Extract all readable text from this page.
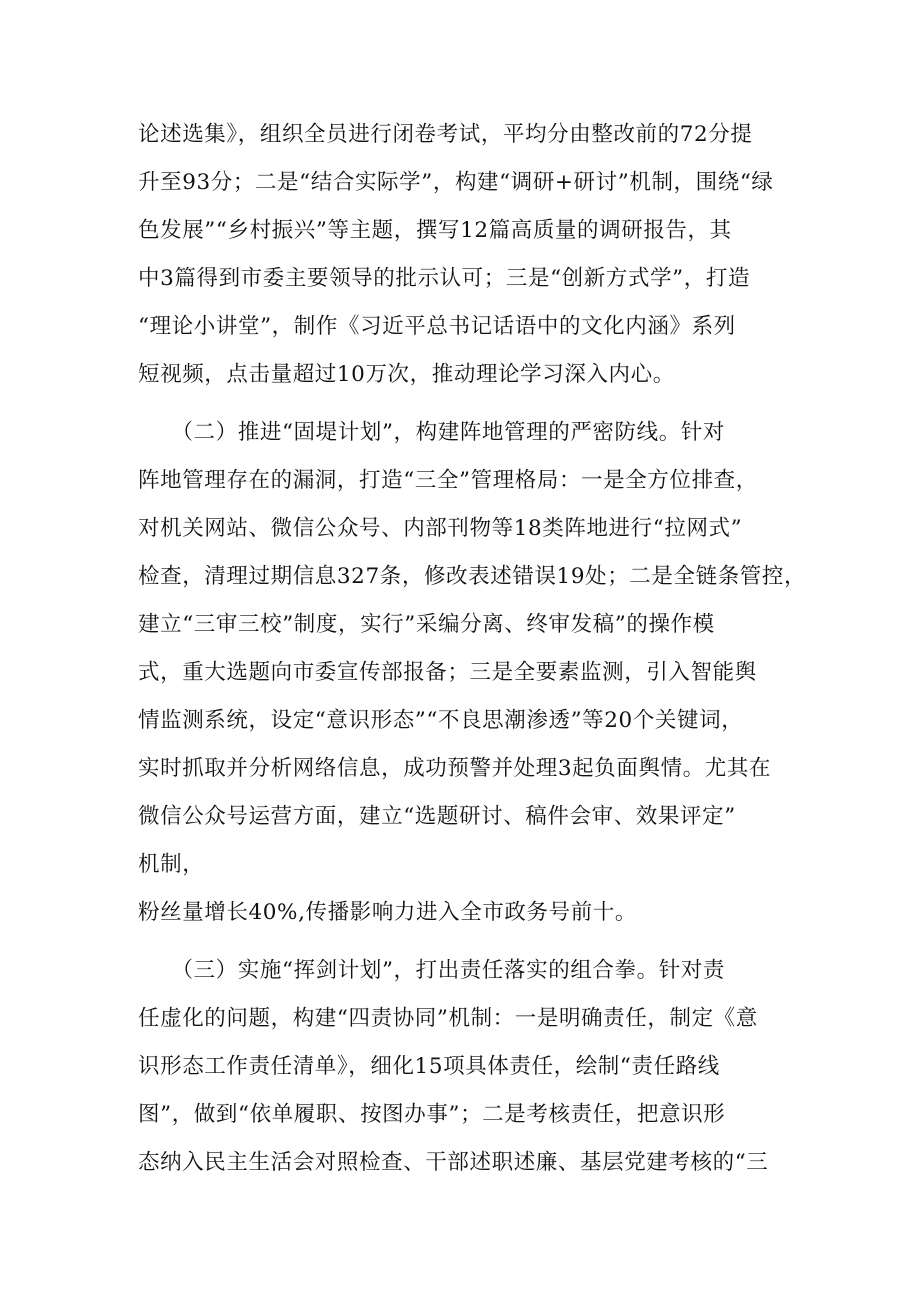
论述选集》，组织全员进行闭卷考试，平均分由整改前的72分提
升至93分；二是“结合实际学”，构建“调研+研讨”机制，围绕“绿
色发展”“乡村振兴”等主题，撰写12篇高质量的调研报告，其
中3篇得到市委主要领导的批示认可；三是“创新方式学”，打造
“理论小讲堂”，制作《习近平总书记话语中的文化内涵》系列
短视频，点击量超过10万次，推动理论学习深入内心。
　　（二）推进“固堤计划”，构建阵地管理的严密防线。针对
阵地管理存在的漏洞，打造“三全”管理格局：一是全方位排查，
对机关网站、微信公众号、内部刊物等18类阵地进行“拉网式”
检查，清理过期信息327条，修改表述错误19处；二是全链条管控，
建立“三审三校”制度，实行”采编分离、终审发稿”的操作模
式，重大选题向市委宣传部报备；三是全要素监测，引入智能舆
情监测系统，设定“意识形态”“不良思潮渗透”等20个关键词，
实时抓取并分析网络信息，成功预警并处理3起负面舆情。尤其在
微信公众号运营方面，建立“选题研讨、稿件会审、效果评定”
机制，
粉丝量增长40%,传播影响力进入全市政务号前十。
　　（三）实施“挥剑计划”，打出责任落实的组合拳。针对责
任虚化的问题，构建“四责协同”机制：一是明确责任，制定《意
识形态工作责任清单》，细化15项具体责任，绘制“责任路线
图”，做到“依单履职、按图办事”；二是考核责任，把意识形
态纳入民主生活会对照检查、干部述职述廉、基层党建考核的“三
